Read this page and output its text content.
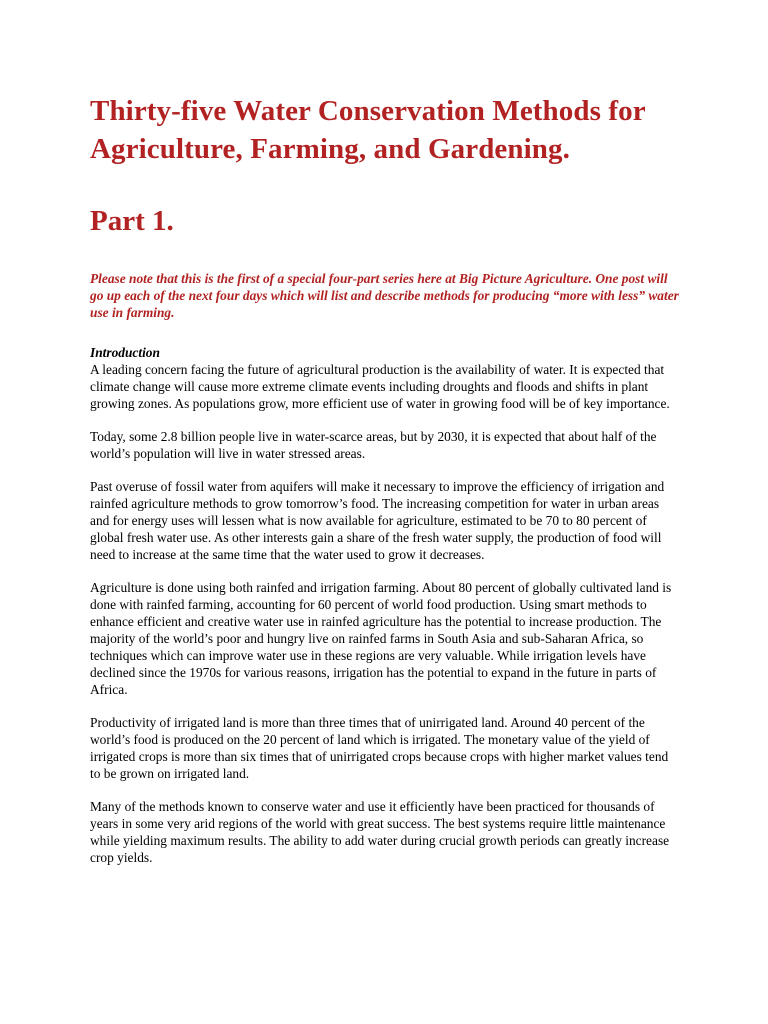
Thirty-five Water Conservation Methods for Agriculture, Farming, and Gardening.
Part 1.

Please note that this is the first of a special four-part series here at Big Picture Agriculture. One post will go up each of the next four days which will list and describe methods for producing “more with less” water use in farming.

Introduction

A leading concern facing the future of agricultural production is the availability of water. It is expected that climate change will cause more extreme climate events including droughts and floods and shifts in plant growing zones. As populations grow, more efficient use of water in growing food will be of key importance.

Today, some 2.8 billion people live in water-scarce areas, but by 2030, it is expected that about half of the world’s population will live in water stressed areas.

Past overuse of fossil water from aquifers will make it necessary to improve the efficiency of irrigation and rainfed agriculture methods to grow tomorrow’s food. The increasing competition for water in urban areas and for energy uses will lessen what is now available for agriculture, estimated to be 70 to 80 percent of global fresh water use. As other interests gain a share of the fresh water supply, the production of food will need to increase at the same time that the water used to grow it decreases.

Agriculture is done using both rainfed and irrigation farming. About 80 percent of globally cultivated land is done with rainfed farming, accounting for 60 percent of world food production. Using smart methods to enhance efficient and creative water use in rainfed agriculture has the potential to increase production. The majority of the world’s poor and hungry live on rainfed farms in South Asia and sub-Saharan Africa, so techniques which can improve water use in these regions are very valuable. While irrigation levels have declined since the 1970s for various reasons, irrigation has the potential to expand in the future in parts of Africa.

Productivity of irrigated land is more than three times that of unirrigated land. Around 40 percent of the world’s food is produced on the 20 percent of land which is irrigated. The monetary value of the yield of irrigated crops is more than six times that of unirrigated crops because crops with higher market values tend to be grown on irrigated land.

Many of the methods known to conserve water and use it efficiently have been practiced for thousands of years in some very arid regions of the world with great success. The best systems require little maintenance while yielding maximum results. The ability to add water during crucial growth periods can greatly increase crop yields.
